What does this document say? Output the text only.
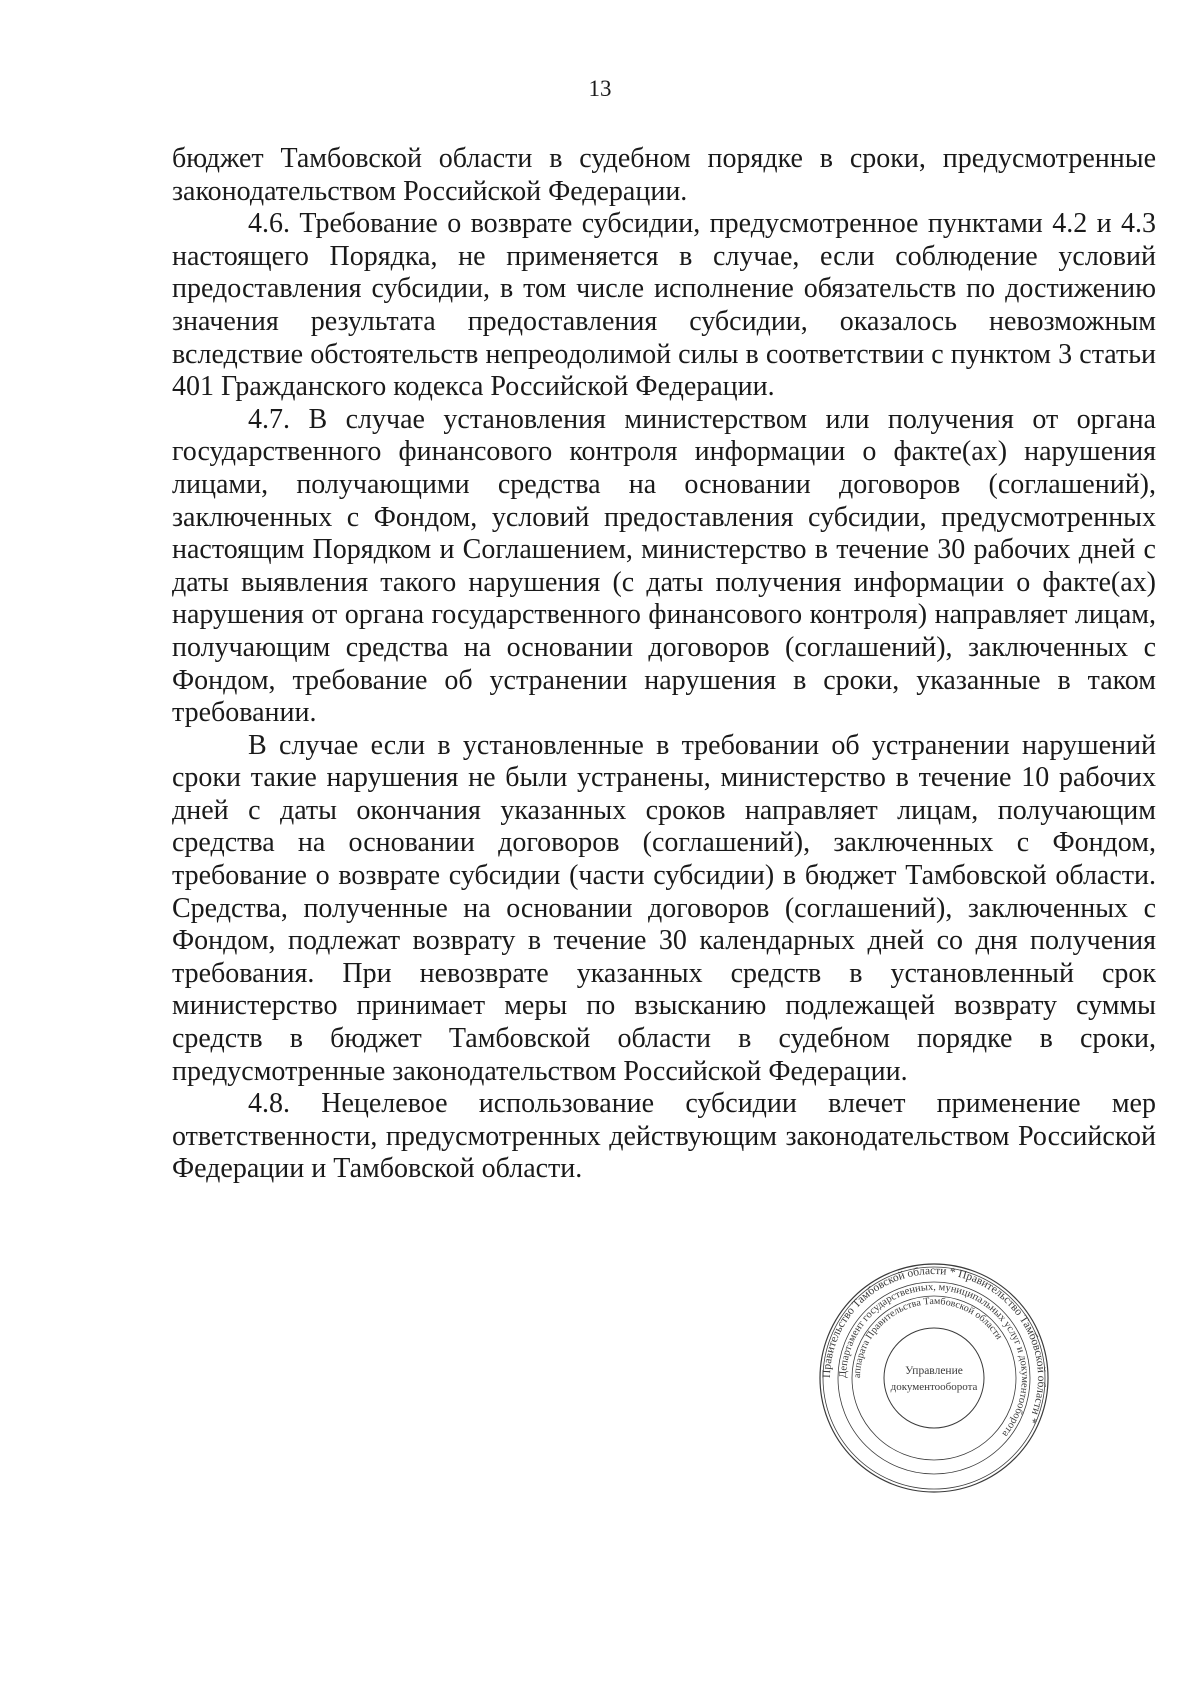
13

бюджет Тамбовской области в судебном порядке в сроки, предусмотренные законодательством Российской Федерации.

4.6. Требование о возврате субсидии, предусмотренное пунктами 4.2 и 4.3 настоящего Порядка, не применяется в случае, если соблюдение условий предоставления субсидии, в том числе исполнение обязательств по достижению значения результата предоставления субсидии, оказалось невозможным вследствие обстоятельств непреодолимой силы в соответствии с пунктом 3 статьи 401 Гражданского кодекса Российской Федерации.

4.7. В случае установления министерством или получения от органа государственного финансового контроля информации о факте(ах) нарушения лицами, получающими средства на основании договоров (соглашений), заключенных с Фондом, условий предоставления субсидии, предусмотренных настоящим Порядком и Соглашением, министерство в течение 30 рабочих дней с даты выявления такого нарушения (с даты получения информации о факте(ах) нарушения от органа государственного финансового контроля) направляет лицам, получающим средства на основании договоров (соглашений), заключенных с Фондом, требование об устранении нарушения в сроки, указанные в таком требовании.

В случае если в установленные в требовании об устранении нарушений сроки такие нарушения не были устранены, министерство в течение 10 рабочих дней с даты окончания указанных сроков направляет лицам, получающим средства на основании договоров (соглашений), заключенных с Фондом, требование о возврате субсидии (части субсидии) в бюджет Тамбовской области. Средства, полученные на основании договоров (соглашений), заключенных с Фондом, подлежат возврату в течение 30 календарных дней со дня получения требования. При невозврате указанных средств в установленный срок министерство принимает меры по взысканию подлежащей возврату суммы средств в бюджет Тамбовской области в судебном порядке в сроки, предусмотренные законодательством Российской Федерации.

4.8. Нецелевое использование субсидии влечет применение мер ответственности, предусмотренных действующим законодательством Российской Федерации и Тамбовской области.

Правительство Тамбовской области * Правительство Тамбовской области *
Департамент государственных, муниципальных услуг и документооборота
аппарата Правительства Тамбовской области
Управление
документооборота
